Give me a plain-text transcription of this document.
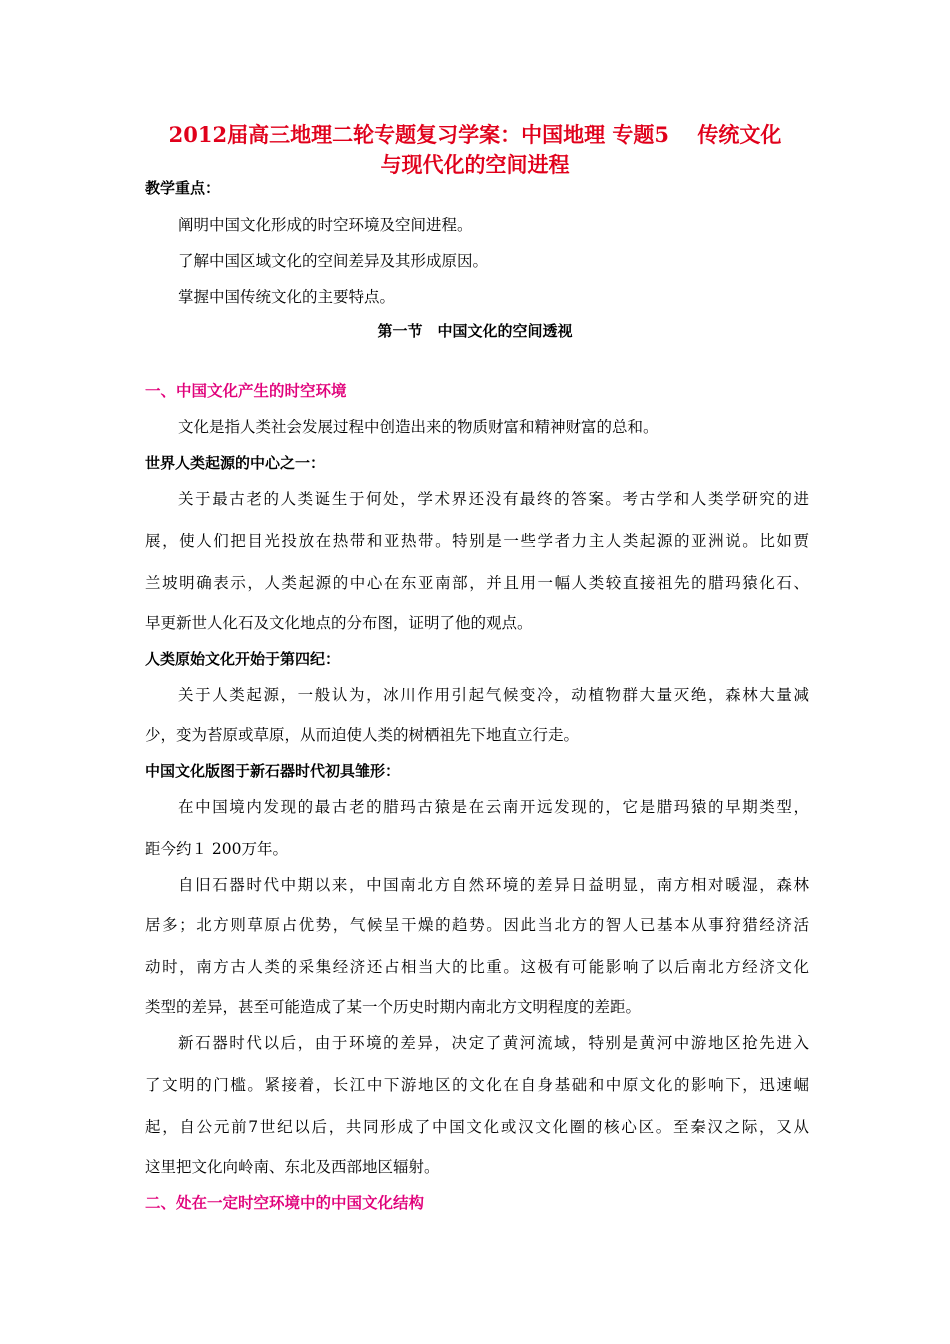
2012届高三地理二轮专题复习学案：中国地理 专题5　 传统文化
与现代化的空间进程

教学重点：

阐明中国文化形成的时空环境及空间进程。

了解中国区域文化的空间差异及其形成原因。

掌握中国传统文化的主要特点。

第一节　中国文化的空间透视

一、中国文化产生的时空环境

文化是指人类社会发展过程中创造出来的物质财富和精神财富的总和。

世界人类起源的中心之一：

关于最古老的人类诞生于何处，学术界还没有最终的答案。考古学和人类学研究的进

展，使人们把目光投放在热带和亚热带。特别是一些学者力主人类起源的亚洲说。比如贾

兰坡明确表示，人类起源的中心在东亚南部，并且用一幅人类较直接祖先的腊玛猿化石、

早更新世人化石及文化地点的分布图，证明了他的观点。

人类原始文化开始于第四纪：

关于人类起源，一般认为，冰川作用引起气候变冷，动植物群大量灭绝，森林大量减

少，变为苔原或草原，从而迫使人类的树栖祖先下地直立行走。

中国文化版图于新石器时代初具雏形：

在中国境内发现的最古老的腊玛古猿是在云南开远发现的，它是腊玛猿的早期类型，

距今约１ 200万年。

自旧石器时代中期以来，中国南北方自然环境的差异日益明显，南方相对暖湿，森林

居多；北方则草原占优势，气候呈干燥的趋势。因此当北方的智人已基本从事狩猎经济活

动时，南方古人类的采集经济还占相当大的比重。这极有可能影响了以后南北方经济文化

类型的差异，甚至可能造成了某一个历史时期内南北方文明程度的差距。

新石器时代以后，由于环境的差异，决定了黄河流域，特别是黄河中游地区抢先进入

了文明的门槛。紧接着，长江中下游地区的文化在自身基础和中原文化的影响下，迅速崛

起，自公元前7世纪以后，共同形成了中国文化或汉文化圈的核心区。至秦汉之际，又从

这里把文化向岭南、东北及西部地区辐射。

二、处在一定时空环境中的中国文化结构
